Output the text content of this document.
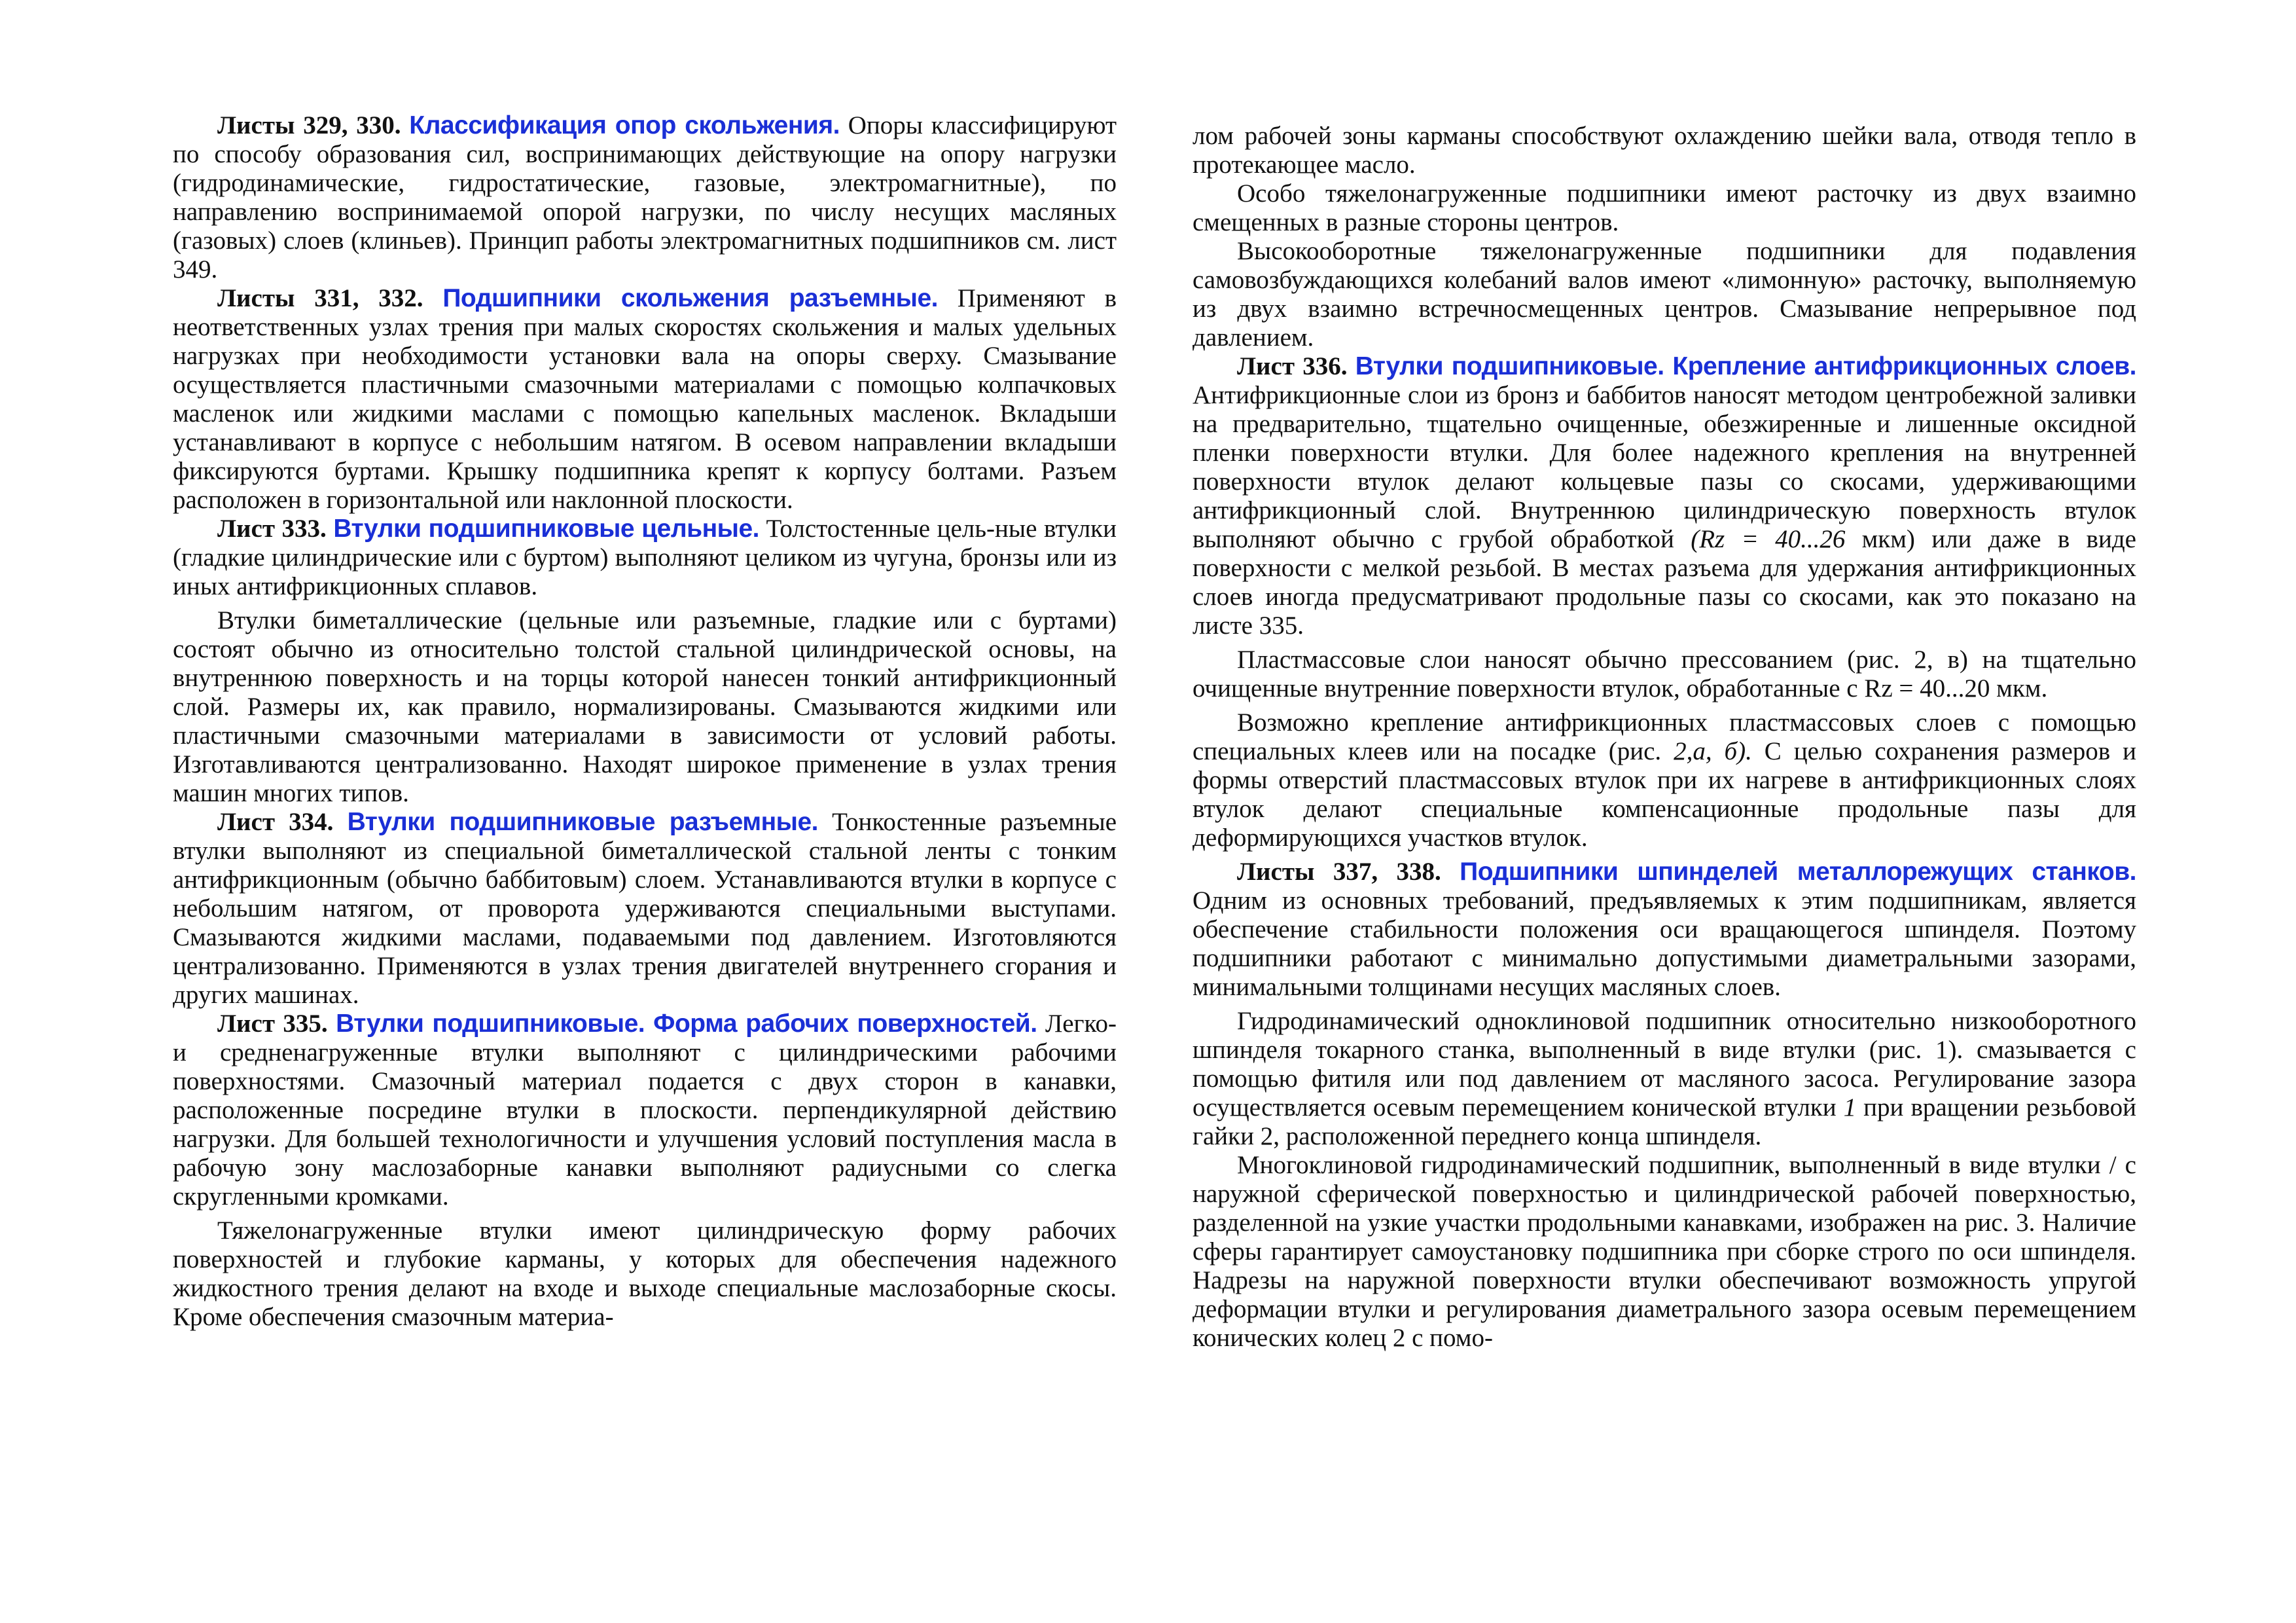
Листы 329, 330. Классификация опор скольжения. Опоры классифицируют по способу образования сил, воспринимающих действующие на опору нагрузки (гидродинамические, гидростатические, газовые, электромагнитные), по направлению воспринимаемой опорой нагрузки, по числу несущих масляных (газовых) слоев (клиньев). Принцип работы электромагнитных подшипников см. лист 349.

Листы 331, 332. Подшипники скольжения разъемные. Применяют в неответственных узлах трения при малых скоростях скольжения и малых удельных нагрузках при необходимости установки вала на опоры сверху. Смазывание осуществляется пластичными смазочными материалами с помощью колпачковых масленок или жидкими маслами с помощью капельных масленок. Вкладыши устанавливают в корпусе с небольшим натягом. В осевом направлении вкладыши фиксируются буртами. Крышку подшипника крепят к корпусу болтами. Разъем расположен в горизонтальной или наклонной плоскости.

Лист 333. Втулки подшипниковые цельные. Толстостенные цель-ные втулки (гладкие цилиндрические или с буртом) выполняют целиком из чугуна, бронзы или из иных антифрикционных сплавов.

Втулки биметаллические (цельные или разъемные, гладкие или с буртами) состоят обычно из относительно толстой стальной цилиндрической основы, на внутреннюю поверхность и на торцы которой нанесен тонкий антифрикционный слой. Размеры их, как правило, нормализированы. Смазываются жидкими или пластичными смазочными материалами в зависимости от условий работы. Изготавливаются централизованно. Находят широкое применение в узлах трения машин многих типов.

Лист 334. Втулки подшипниковые разъемные. Тонкостенные разъемные втулки выполняют из специальной биметаллической стальной ленты с тонким антифрикционным (обычно баббитовым) слоем. Устанавливаются втулки в корпусе с небольшим натягом, от проворота удерживаются специальными выступами. Смазываются жидкими маслами, подаваемыми под давлением. Изготовляются централизованно. Применяются в узлах трения двигателей внутреннего сгорания и других машинах.

Лист 335. Втулки подшипниковые. Форма рабочих поверхностей. Легко- и средненагруженные втулки выполняют с цилиндрическими рабочими поверхностями. Смазочный материал подается с двух сторон в канавки, расположенные посредине втулки в плоскости. перпендикулярной действию нагрузки. Для большей технологичности и улучшения условий поступления масла в рабочую зону маслозаборные канавки выполняют радиусными со слегка скругленными кромками.

Тяжелонагруженные втулки имеют цилиндрическую форму рабочих поверхностей и глубокие карманы, у которых для обеспечения надежного жидкостного трения делают на входе и выходе специальные маслозаборные скосы. Кроме обеспечения смазочным материа-

лом рабочей зоны карманы способствуют охлаждению шейки вала, отводя тепло в протекающее масло.

Особо тяжелонагруженные подшипники имеют расточку из двух взаимно смещенных в разные стороны центров.

Высокооборотные тяжелонагруженные подшипники для подавления самовозбуждающихся колебаний валов имеют «лимонную» расточку, выполняемую из двух взаимно встречносмещенных центров. Смазывание непрерывное под давлением.

Лист 336. Втулки подшипниковые. Крепление антифрикционных слоев. Антифрикционные слои из бронз и баббитов наносят методом центробежной заливки на предварительно, тщательно очищенные, обезжиренные и лишенные оксидной пленки поверхности втулки. Для более надежного крепления на внутренней поверхности втулок делают кольцевые пазы со скосами, удерживающими антифрикционный слой. Внутреннюю цилиндрическую поверхность втулок выполняют обычно с грубой обработкой (Rz = 40...26 мкм) или даже в виде поверхности с мелкой резьбой. В местах разъема для удержания антифрикционных слоев иногда предусматривают продольные пазы со скосами, как это показано на листе 335.

Пластмассовые слои наносят обычно прессованием (рис. 2, в) на тщательно очищенные внутренние поверхности втулок, обработанные с Rz = 40...20 мкм.

Возможно крепление антифрикционных пластмассовых слоев с помощью специальных клеев или на посадке (рис. 2,а, б). С целью сохранения размеров и формы отверстий пластмассовых втулок при их нагреве в антифрикционных слоях втулок делают специальные компенсационные продольные пазы для деформирующихся участков втулок.

Листы 337, 338. Подшипники шпинделей металлорежущих станков. Одним из основных требований, предъявляемых к этим подшипникам, является обеспечение стабильности положения оси вращающегося шпинделя. Поэтому подшипники работают с минимально допустимыми диаметральными зазорами, минимальными толщинами несущих масляных слоев.

Гидродинамический одноклиновой подшипник относительно низкооборотного шпинделя токарного станка, выполненный в виде втулки (рис. 1). смазывается с помощью фитиля или под давлением от масляного засоса. Регулирование зазора осуществляется осевым перемещением конической втулки 1 при вращении резьбовой гайки 2, расположенной переднего конца шпинделя.

Многоклиновой гидродинамический подшипник, выполненный в виде втулки / с наружной сферической поверхностью и цилиндрической рабочей поверхностью, разделенной на узкие участки продольными канавками, изображен на рис. 3. Наличие сферы гарантирует самоустановку подшипника при сборке строго по оси шпинделя. Надрезы на наружной поверхности втулки обеспечивают возможность упругой деформации втулки и регулирования диаметрального зазора осевым перемещением конических колец 2 с помо-
